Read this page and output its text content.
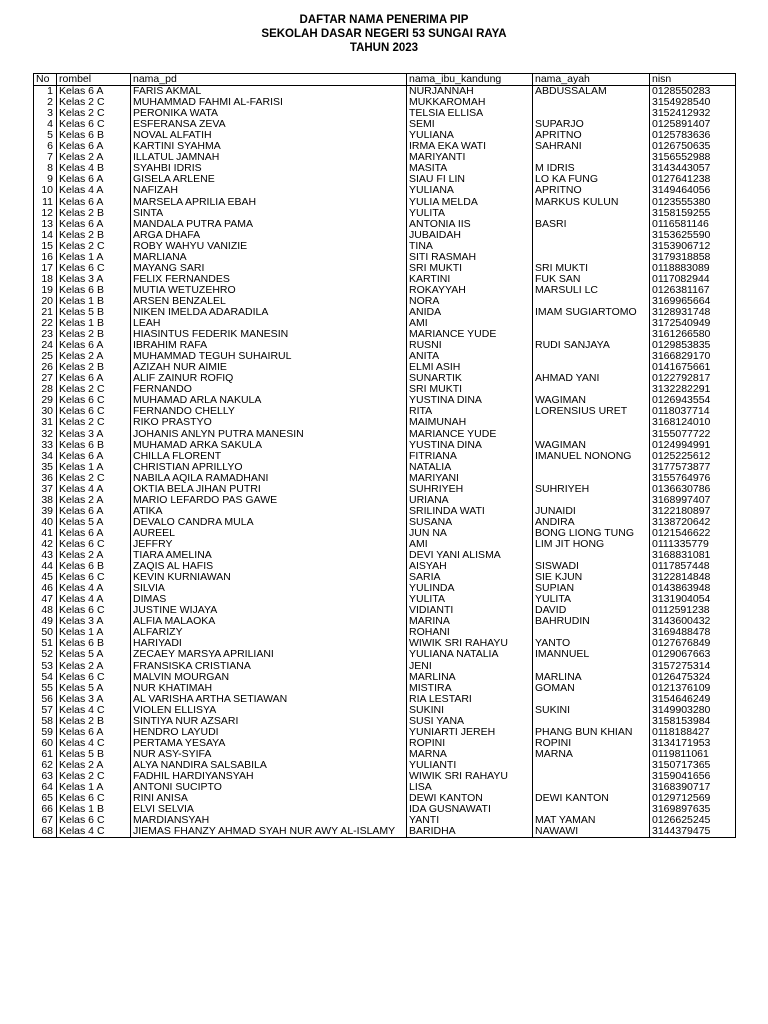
DAFTAR NAMA PENERIMA PIP
SEKOLAH DASAR NEGERI 53 SUNGAI RAYA
TAHUN 2023
No	rombel	nama_pd	nama_ibu_kandung	nama_ayah	nisn
1	Kelas 6 A	FARIS AKMAL	NURJANNAH	ABDUSSALAM	0128550283
2	Kelas 2 C	MUHAMMAD FAHMI AL-FARISI	MUKKAROMAH		3154928540
3	Kelas 2 C	PERONIKA WATA	TELSIA ELLISA		3152412932
4	Kelas 6 C	ESFERANSA ZEVA	SEMI	SUPARJO	0125891407
5	Kelas 6 B	NOVAL ALFATIH	YULIANA	APRITNO	0125783636
6	Kelas 6 A	KARTINI SYAHMA	IRMA EKA WATI	SAHRANI	0126750635
7	Kelas 2 A	ILLATUL JAMNAH	MARIYANTI		3156552988
8	Kelas 4 B	SYAHBI IDRIS	MASITA	M IDRIS	3143443057
9	Kelas 6 A	GISELA ARLENE	SIAU FI LIN	LO KA FUNG	0127641238
10	Kelas 4 A	NAFIZAH	YULIANA	APRITNO	3149464056
11	Kelas 6 A	MARSELA APRILIA EBAH	YULIA MELDA	MARKUS KULUN	0123555380
12	Kelas 2 B	SINTA	YULITA		3158159255
13	Kelas 6 A	MANDALA PUTRA PAMA	ANTONIA IIS	BASRI	0116581146
14	Kelas 2 B	ARGA DHAFA	JUBAIDAH		3153625590
15	Kelas 2 C	ROBY WAHYU VANIZIE	TINA		3153906712
16	Kelas 1 A	MARLIANA	SITI RASMAH		3179318858
17	Kelas 6 C	MAYANG SARI	SRI MUKTI	SRI MUKTI	0118883089
18	Kelas 3 A	FELIX FERNANDES	KARTINI	FUK SAN	0117082944
19	Kelas 6 B	MUTIA WETUZEHRO	ROKAYYAH	MARSULI LC	0126381167
20	Kelas 1 B	ARSEN BENZALEL	NORA		3169965664
21	Kelas 5 B	NIKEN IMELDA ADARADILA	ANIDA	IMAM SUGIARTOMO	3128931748
22	Kelas 1 B	LEAH	AMI		3172540949
23	Kelas 2 B	HIASINTUS FEDERIK MANESIN	MARIANCE YUDE		3161266580
24	Kelas 6 A	IBRAHIM RAFA	RUSNI	RUDI SANJAYA	0129853835
25	Kelas 2 A	MUHAMMAD TEGUH SUHAIRUL	ANITA		3166829170
26	Kelas 2 B	AZIZAH NUR AIMIE	ELMI ASIH		0141675661
27	Kelas 6 A	ALIF ZAINUR ROFIQ	SUNARTIK	AHMAD YANI	0122792817
28	Kelas 2 C	FERNANDO	SRI MUKTI		3132282291
29	Kelas 6 C	MUHAMAD ARLA NAKULA	YUSTINA DINA	WAGIMAN	0126943554
30	Kelas 6 C	FERNANDO CHELLY	RITA	LORENSIUS URET	0118037714
31	Kelas 2 C	RIKO PRASTYO	MAIMUNAH		3168124010
32	Kelas 3 A	JOHANIS ANLYN PUTRA MANESIN	MARIANCE YUDE		3155077722
33	Kelas 6 B	MUHAMAD ARKA SAKULA	YUSTINA DINA	WAGIMAN	0124994991
34	Kelas 6 A	CHILLA FLORENT	FITRIANA	IMANUEL NONONG	0125225612
35	Kelas 1 A	CHRISTIAN APRILLYO	NATALIA		3177573877
36	Kelas 2 C	NABILA AQILA RAMADHANI	MARIYANI		3155764976
37	Kelas 4 A	OKTIA BELA JIHAN PUTRI	SUHRIYEH	SUHRIYEH	0136630786
38	Kelas 2 A	MARIO LEFARDO PAS GAWE	URIANA		3168997407
39	Kelas 6 A	ATIKA	SRILINDA WATI	JUNAIDI	3122180897
40	Kelas 5 A	DEVALO CANDRA MULA	SUSANA	ANDIRA	3138720642
41	Kelas 6 A	AUREEL	JUN NA	BONG LIONG TUNG	0121546622
42	Kelas 6 C	JEFFRY	AMI	LIM JIT HONG	0111335779
43	Kelas 2 A	TIARA AMELINA	DEVI YANI ALISMA		3168831081
44	Kelas 6 B	ZAQIS AL HAFIS	AISYAH	SISWADI	0117857448
45	Kelas 6 C	KEVIN KURNIAWAN	SARIA	SIE KJUN	3122814848
46	Kelas 4 A	SILVIA	YULINDA	SUPIAN	0143863948
47	Kelas 4 A	DIMAS	YULITA	YULITA	3131904054
48	Kelas 6 C	JUSTINE WIJAYA	VIDIANTI	DAVID	0112591238
49	Kelas 3 A	ALFIA MALAOKA	MARINA	BAHRUDIN	3143600432
50	Kelas 1 A	ALFARIZY	ROHANI		3169488478
51	Kelas 6 B	HARIYADI	WIWIK SRI RAHAYU	YANTO	0127676849
52	Kelas 5 A	ZECAEY MARSYA APRILIANI	YULIANA NATALIA	IMANNUEL	0129067663
53	Kelas 2 A	FRANSISKA CRISTIANA	JENI		3157275314
54	Kelas 6 C	MALVIN MOURGAN	MARLINA	MARLINA	0126475324
55	Kelas 5 A	NUR KHATIMAH	MISTIRA	GOMAN	0121376109
56	Kelas 3 A	AL VARISHA ARTHA SETIAWAN	RIA LESTARI		3154646249
57	Kelas 4 C	VIOLEN ELLISYA	SUKINI	SUKINI	3149903280
58	Kelas 2 B	SINTIYA NUR AZSARI	SUSI YANA		3158153984
59	Kelas 6 A	HENDRO LAYUDI	YUNIARTI JEREH	PHANG BUN KHIAN	0118188427
60	Kelas 4 C	PERTAMA YESAYA	ROPINI	ROPINI	3134171953
61	Kelas 5 B	NUR ASY-SYIFA	MARNA	MARNA	0119811061
62	Kelas 2 A	ALYA NANDIRA SALSABILA	YULIANTI		3150717365
63	Kelas 2 C	FADHIL HARDIYANSYAH	WIWIK SRI RAHAYU		3159041656
64	Kelas 1 A	ANTONI SUCIPTO	LISA		3168390717
65	Kelas 6 C	RINI ANISA	DEWI KANTON	DEWI KANTON	0129712569
66	Kelas 1 B	ELVI SELVIA	IDA GUSNAWATI		3169897635
67	Kelas 6 C	MARDIANSYAH	YANTI	MAT YAMAN	0126625245
68	Kelas 4 C	JIEMAS FHANZY AHMAD SYAH NUR AWY AL-ISLAMY	BARIDHA	NAWAWI	3144379475
